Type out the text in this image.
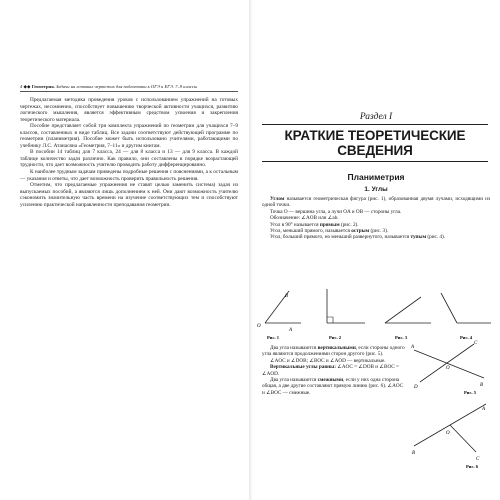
4 ◆◆ Геометрия. Задачи на готовых чертежах для подготовки к ОГЭ и ЕГЭ. 7–9 классы

Предлагаемая методика проведения уроков с использованием упражнений на готовых чертежах, несомненно, способствует повышению творческой активности учащихся, развитию логического мышления, является эффективным средством усвоения и закрепления теоретического материала.

Пособие представляет собой три комплекта упражнений по геометрии для учащихся 7–9 классов, составленных в виде таблиц. Все задачи соответствуют действующей программе по геометрии (планиметрия). Пособие может быть использовано учителями, работающими по учебнику Л.С. Атанасяна «Геометрия, 7–11» и другим книгам.

В пособии 14 таблиц для 7 класса, 24 — для 8 класса и 13 — для 9 класса. В каждой таблице количество задач различно. Как правило, они составлены в порядке возрастающей трудности, что дает возможность учителю проводить работу дифференцированно.

К наиболее трудным задачам приведены подробные решения с пояснениями, а к остальным — указания и ответы, что дает возможность проверить правильность решения.

Отметим, что предлагаемые упражнения не ставят целью заменить система) задач из выпускаемых пособий, а являются лишь дополнением к ней. Они дают возможность учителю сэкономить значительную часть времени на изучение соответствующих тем и способствуют усилению практической направленности преподавания геометрии.

Раздел I
КРАТКИЕ ТЕОРЕТИЧЕСКИЕ СВЕДЕНИЯ
Планиметрия
1. Углы

Углом называется геометрическая фигура (рис. 1), образованная двумя лучами, исходящими из одной точки.

Точка O — вершина угла, а лучи OA и OB — стороны угла.

Обозначение: ∠AOB или ∠ab.

Угол в 90° называется прямым (рис. 2).

Угол, меньший прямого, называется острым (рис. 3).

Угол, больший прямого, но меньший развернутого, называется тупым (рис. 4).

B
O
A
Рис. 1	Рис. 2	Рис. 3	Рис. 4

Два угла называются вертикальными, если стороны одного угла являются продолжениями сторон другого (рис. 5).

∠AOC и ∠DOB; ∠BOC и ∠AOD — вертикальные.

Вертикальные углы равны: ∠AOC = ∠DOB и ∠BOC = ∠AOD.

Два угла называются смежными, если у них одна сторона общая, а две другие составляют прямую линию (рис. 6). ∠AOC и ∠BOC — смежные.

A
C
O
D	B
Рис. 5
C
A
O
B
Рис. 6
